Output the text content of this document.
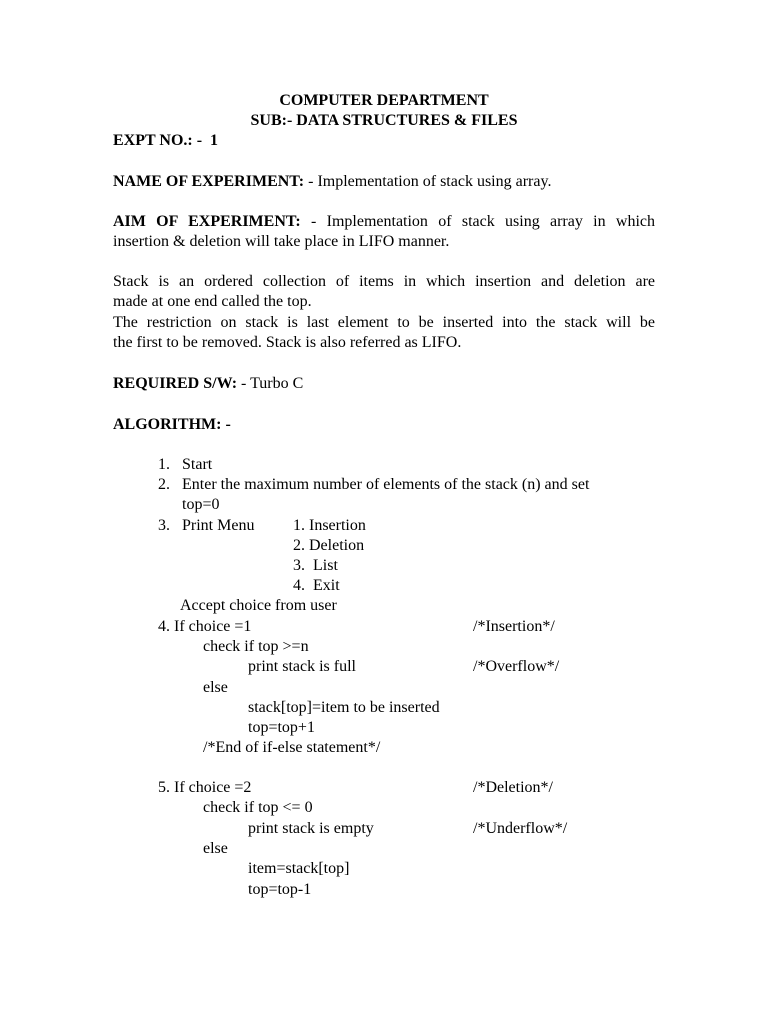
COMPUTER DEPARTMENT
SUB:- DATA STRUCTURES & FILES
EXPT NO.: - 1
NAME OF EXPERIMENT: - Implementation of stack using array.
AIM OF EXPERIMENT: - Implementation of stack using array in which
insertion & deletion will take place in LIFO manner.
Stack is an ordered collection of items in which insertion and deletion are
made at one end called the top.
The restriction on stack is last element to be inserted into the stack will be
the first to be removed. Stack is also referred as LIFO.
REQUIRED S/W: - Turbo C
ALGORITHM: -
1. Start
2. Enter the maximum number of elements of the stack (n) and set
top=0
3. Print Menu 1. Insertion
2. Deletion
3.  List
4.  Exit
Accept choice from user
4. If choice =1	/*Insertion*/
check if top >=n
print stack is full	/*Overflow*/
else
stack[top]=item to be inserted
top=top+1
/*End of if-else statement*/
5. If choice =2	/*Deletion*/
check if top <= 0
print stack is empty	/*Underflow*/
else
item=stack[top]
top=top-1
